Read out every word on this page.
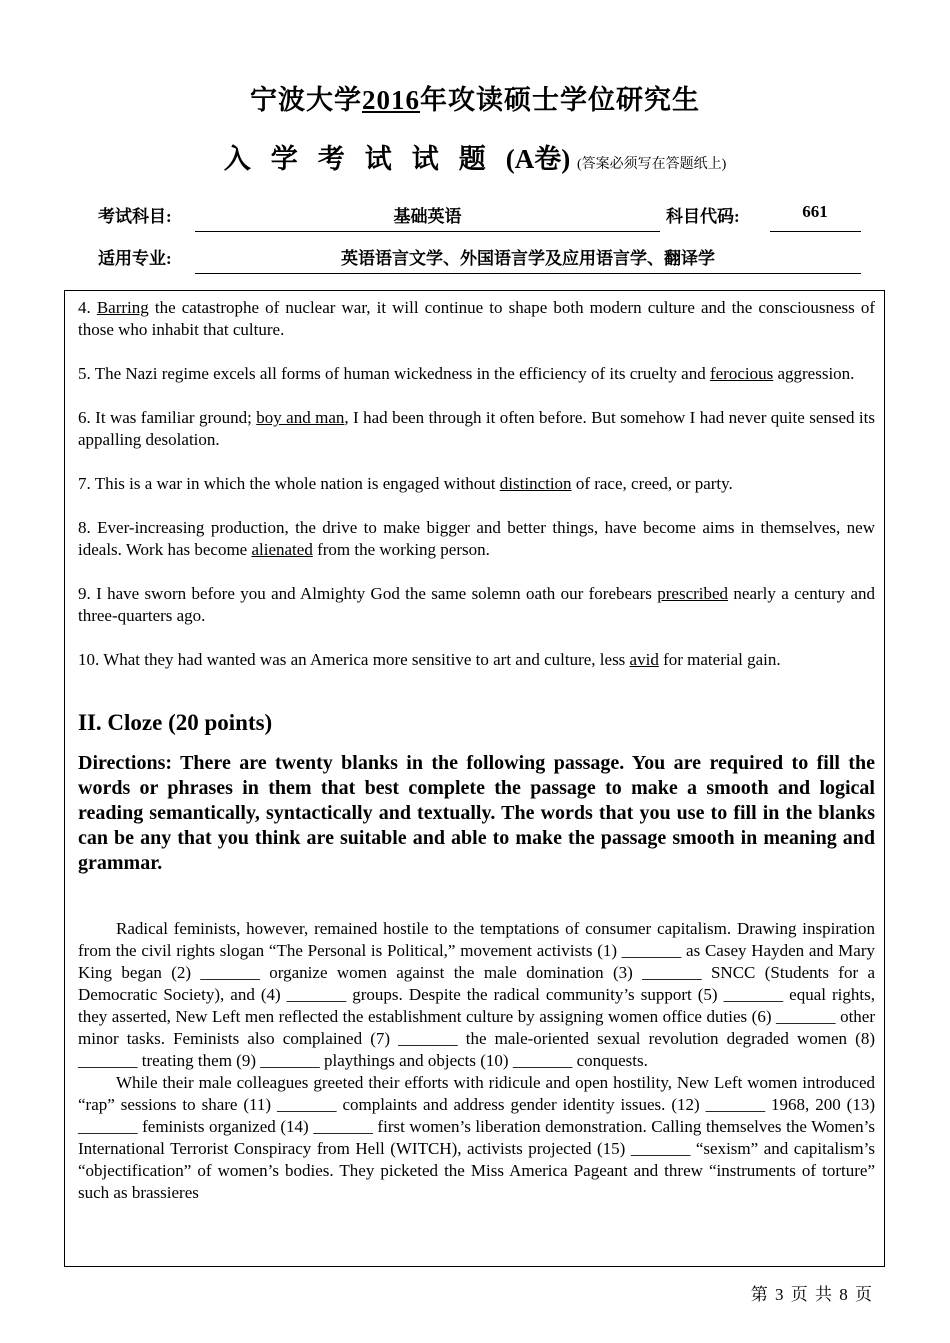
宁波大学2016年攻读硕士学位研究生
入学考试试题(A卷) (答案必须写在答题纸上)
考试科目:	基础英语	科目代码:	661
适用专业:	英语语言文学、外国语言学及应用语言学、翻译学
4. Barring the catastrophe of nuclear war, it will continue to shape both modern culture and the consciousness of those who inhabit that culture.
5. The Nazi regime excels all forms of human wickedness in the efficiency of its cruelty and ferocious aggression.
6. It was familiar ground; boy and man, I had been through it often before. But somehow I had never quite sensed its appalling desolation.
7. This is a war in which the whole nation is engaged without distinction of race, creed, or party.
8. Ever-increasing production, the drive to make bigger and better things, have become aims in themselves, new ideals. Work has become alienated from the working person.
9. I have sworn before you and Almighty God the same solemn oath our forebears prescribed nearly a century and three-quarters ago.
10. What they had wanted was an America more sensitive to art and culture, less avid for material gain.
II. Cloze (20 points)
Directions: There are twenty blanks in the following passage. You are required to fill the words or phrases in them that best complete the passage to make a smooth and logical reading semantically, syntactically and textually. The words that you use to fill in the blanks can be any that you think are suitable and able to make the passage smooth in meaning and grammar.

Radical feminists, however, remained hostile to the temptations of consumer capitalism. Drawing inspiration from the civil rights slogan “The Personal is Political,” movement activists (1) _______ as Casey Hayden and Mary King began (2) _______ organize women against the male domination (3) _______ SNCC (Students for a Democratic Society), and (4) _______ groups. Despite the radical community’s support (5) _______ equal rights, they asserted, New Left men reflected the establishment culture by assigning women office duties (6) _______ other minor tasks. Feminists also complained (7) _______ the male-oriented sexual revolution degraded women (8) _______ treating them (9) _______ playthings and objects (10) _______ conquests.

While their male colleagues greeted their efforts with ridicule and open hostility, New Left women introduced “rap” sessions to share (11) _______ complaints and address gender identity issues. (12) _______ 1968, 200 (13) _______ feminists organized (14) _______ first women’s liberation demonstration. Calling themselves the Women’s International Terrorist Conspiracy from Hell (WITCH), activists projected (15) _______ “sexism” and capitalism’s “objectification” of women’s bodies. They picketed the Miss America Pageant and threw “instruments of torture” such as brassieres

第 3 页 共 8 页
